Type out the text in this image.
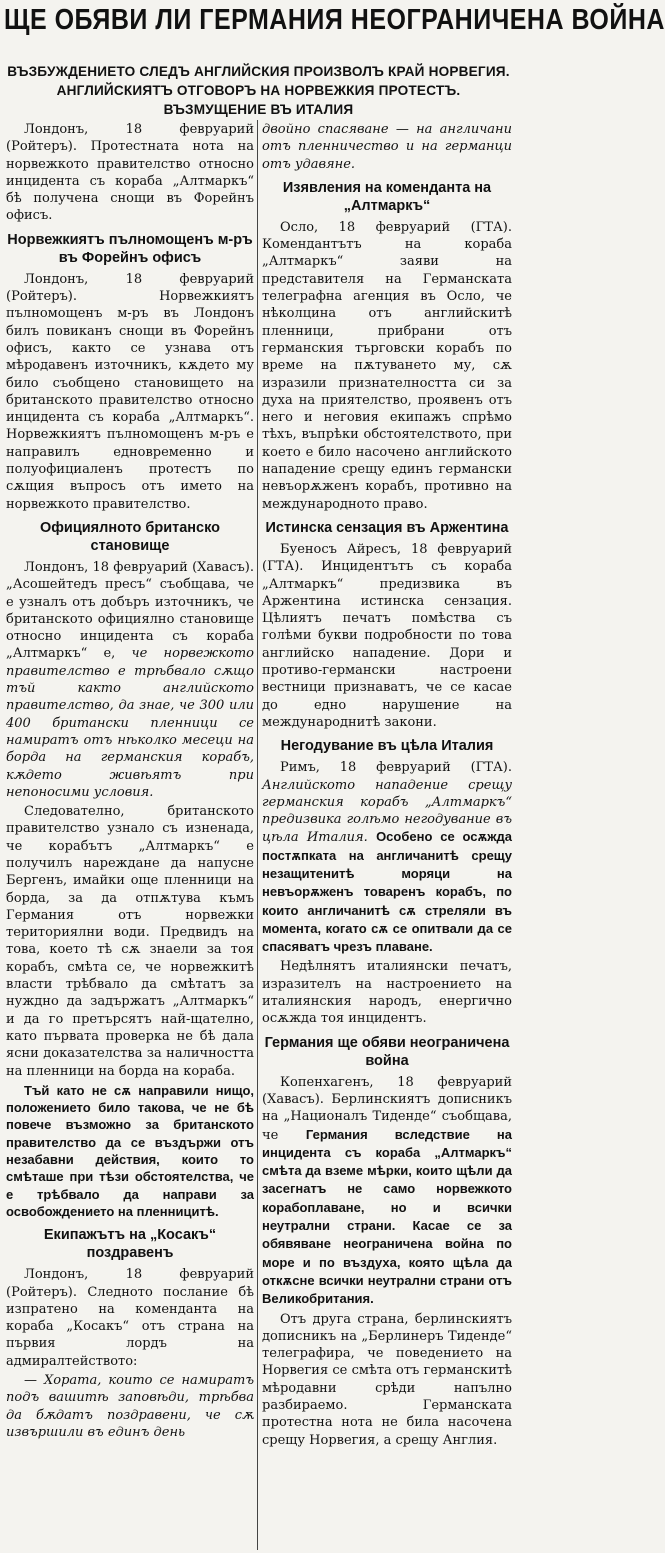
ЩЕ ОБЯВИ ЛИ ГЕРМАНИЯ НЕОГРАНИЧЕНА ВОЙНА
ВЪЗБУЖДЕНИЕТО СЛЕДЪ АНГЛИЙСКИЯ ПРОИЗВОЛЪ КРАЙ НОРВЕГИЯ. АНГЛИЙСКИЯТЪ ОТГОВОРЪ НА НОРВЕЖКИЯ ПРОТЕСТЪ. ВЪЗМУЩЕНИЕ ВЪ ИТАЛИЯ

Лондонъ, 18 февруарий (Ройтеръ). Протестната нота на норвежкото правителство относно инцидента съ кораба „Алтмаркъ“ бѣ получена снощи въ Форейнъ офисъ.

Норвежкиятъ пълномощенъ м-ръ въ Форейнъ офисъ

Лондонъ, 18 февруарий (Ройтеръ). Норвежкиятъ пълномощенъ м-ръ въ Лондонъ билъ повиканъ снощи въ Форейнъ офисъ, както се узнава отъ мѣродавенъ източникъ, кѫдето му било съобщено становището на британското правителство относно инцидента съ кораба „Алтмаркъ“. Норвежкиятъ пълномощенъ м-ръ е направилъ едновременно и полуофициаленъ протестъ по сѫщия въпросъ отъ името на норвежкото правителство.

Официялното британско становище

Лондонъ, 18 февруарий (Хавасъ). „Асошейтедъ пресъ“ съобщава, че е узналъ отъ добъръ източникъ, че британското официялно становище относно инцидента съ кораба „Алтмаркъ“ е, че норвежкото правителство е трѣбвало сѫщо тъй както английското правителство, да знае, че 300 или 400 британски пленници се намиратъ отъ нѣколко месеци на борда на германския корабъ, кѫдето живѣятъ при непоносими условия.

Следователно, британското правителство узнало съ изненада, че корабътъ „Алтмаркъ“ е получилъ нареждане да напусне Бергенъ, имайки още пленници на борда, за да отпѫтува къмъ Германия отъ норвежки териториялни води. Предвидъ на това, което тѣ сѫ знаели за тоя корабъ, смѣта се, че норвежкитѣ власти трѣбвало да смѣтатъ за нуждно да задържатъ „Алтмаркъ“ и да го претърсятъ най-щателно, като първата проверка не бѣ дала ясни доказателства за наличността на пленници на борда на кораба.

Тъй като не сѫ направили нищо, положението било такова, че не бѣ повече възможно за британското правителство да се въздържи отъ незабавни действия, които то смѣташе при тѣзи обстоятелства, че е трѣбвало да направи за освобождението на пленницитѣ.

Екипажътъ на „Косакъ“ поздравенъ

Лондонъ, 18 февруарий (Ройтеръ). Следното послание бѣ изпратено на коменданта на кораба „Косакъ“ отъ страна на първия лордъ на адмиралтейството:

— Хората, които се намиратъ подъ вашитѣ заповѣди, трѣбва да бѫдатъ поздравени, че сѫ извършили въ единъ день

двойно спасяване — на англичани отъ пленничество и на германци отъ удавяне.

Изявления на коменданта на „Алтмаркъ“

Осло, 18 февруарий (ГТА). Комендантътъ на кораба „Алтмаркъ“ заяви на представителя на Германската телеграфна агенция въ Осло, че нѣколцина отъ английскитѣ пленници, прибрани отъ германския търговски корабъ по време на пѫтуването му, сѫ изразили признателността си за духа на приятелство, проявенъ отъ него и неговия екипажъ спрѣмо тѣхъ, въпрѣки обстоятелството, при което е било насочено английското нападение срещу единъ германски невъорѫженъ корабъ, противно на международното право.

Истинска сензация въ Аржентина

Буеносъ Айресъ, 18 февруарий (ГТА). Инцидентътъ съ кораба „Алтмаркъ“ предизвика въ Аржентина истинска сензация. Цѣлиятъ печатъ помѣства съ голѣми букви подробности по това английско нападение. Дори и противо-германски настроени вестници признаватъ, че се касае до едно нарушение на международнитѣ закони.

Негодувание въ цѣла Италия

Римъ, 18 февруарий (ГТА). Английското нападение срещу германския корабъ „Алтмаркъ“ предизвика голѣмо негодувание въ цѣла Италия. Особено се осѫжда постѫпката на англичанитѣ срещу незащитенитѣ моряци на невъорѫженъ товаренъ корабъ, по които англичанитѣ сѫ стреляли въ момента, когато сѫ се опитвали да се спасяватъ чрезъ плаване.

Недѣлнятъ италиянски печатъ, изразителъ на настроението на италиянския народъ, енергично осѫжда тоя инцидентъ.

Германия ще обяви неограничена война

Копенхагенъ, 18 февруарий (Хавасъ). Берлинскиятъ дописникъ на „Националъ Тиденде“ съобщава, че Германия вследствие на инцидента съ кораба „Алтмаркъ“ смѣта да вземе мѣрки, които щѣли да засегнатъ не само норвежкото корабоплаване, но и всички неутрални страни. Касае се за обявяване неограничена война по море и по въздуха, която щѣла да откѫсне всички неутрални страни отъ Великобритания.

Отъ друга страна, берлинскиятъ дописникъ на „Берлинеръ Тиденде“ телеграфира, че поведението на Норвегия се смѣта отъ германскитѣ мѣродавни срѣди напълно разбираемо. Германската протестна нота не била насочена срещу Норвегия, а срещу Англия.
